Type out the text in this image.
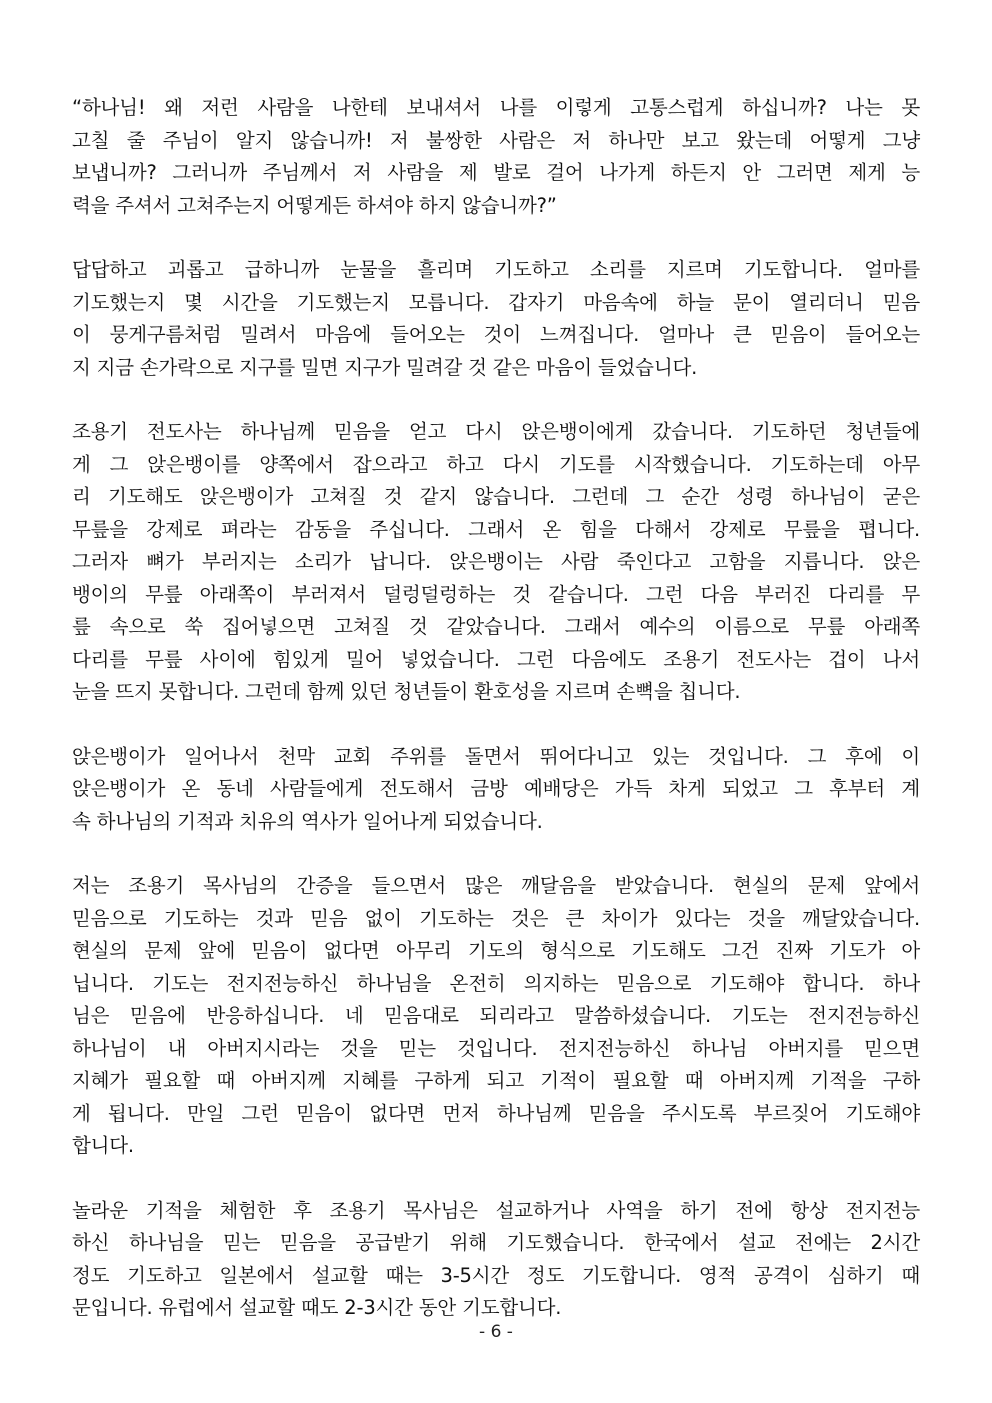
“하나님! 왜 저런 사람을 나한테 보내셔서 나를 이렇게 고통스럽게 하십니까? 나는 못
고칠 줄 주님이 알지 않습니까! 저 불쌍한 사람은 저 하나만 보고 왔는데 어떻게 그냥
보냅니까? 그러니까 주님께서 저 사람을 제 발로 걸어 나가게 하든지 안 그러면 제게 능
력을 주셔서 고쳐주는지 어떻게든 하셔야 하지 않습니까?”
답답하고 괴롭고 급하니까 눈물을 흘리며 기도하고 소리를 지르며 기도합니다. 얼마를
기도했는지 몇 시간을 기도했는지 모릅니다. 갑자기 마음속에 하늘 문이 열리더니 믿음
이 뭉게구름처럼 밀려서 마음에 들어오는 것이 느껴집니다. 얼마나 큰 믿음이 들어오는
지 지금 손가락으로 지구를 밀면 지구가 밀려갈 것 같은 마음이 들었습니다.
조용기 전도사는 하나님께 믿음을 얻고 다시 앉은뱅이에게 갔습니다. 기도하던 청년들에
게 그 앉은뱅이를 양쪽에서 잡으라고 하고 다시 기도를 시작했습니다. 기도하는데 아무
리 기도해도 앉은뱅이가 고쳐질 것 같지 않습니다. 그런데 그 순간 성령 하나님이 굳은
무릎을 강제로 펴라는 감동을 주십니다. 그래서 온 힘을 다해서 강제로 무릎을 폅니다.
그러자 뼈가 부러지는 소리가 납니다. 앉은뱅이는 사람 죽인다고 고함을 지릅니다. 앉은
뱅이의 무릎 아래쪽이 부러져서 덜렁덜렁하는 것 같습니다. 그런 다음 부러진 다리를 무
릎 속으로 쑥 집어넣으면 고쳐질 것 같았습니다. 그래서 예수의 이름으로 무릎 아래쪽
다리를 무릎 사이에 힘있게 밀어 넣었습니다. 그런 다음에도 조용기 전도사는 겁이 나서
눈을 뜨지 못합니다. 그런데 함께 있던 청년들이 환호성을 지르며 손뼉을 칩니다.
앉은뱅이가 일어나서 천막 교회 주위를 돌면서 뛰어다니고 있는 것입니다. 그 후에 이
앉은뱅이가 온 동네 사람들에게 전도해서 금방 예배당은 가득 차게 되었고 그 후부터 계
속 하나님의 기적과 치유의 역사가 일어나게 되었습니다.
저는 조용기 목사님의 간증을 들으면서 많은 깨달음을 받았습니다. 현실의 문제 앞에서
믿음으로 기도하는 것과 믿음 없이 기도하는 것은 큰 차이가 있다는 것을 깨달았습니다.
현실의 문제 앞에 믿음이 없다면 아무리 기도의 형식으로 기도해도 그건 진짜 기도가 아
닙니다. 기도는 전지전능하신 하나님을 온전히 의지하는 믿음으로 기도해야 합니다. 하나
님은 믿음에 반응하십니다. 네 믿음대로 되리라고 말씀하셨습니다. 기도는 전지전능하신
하나님이 내 아버지시라는 것을 믿는 것입니다. 전지전능하신 하나님 아버지를 믿으면
지혜가 필요할 때 아버지께 지혜를 구하게 되고 기적이 필요할 때 아버지께 기적을 구하
게 됩니다. 만일 그런 믿음이 없다면 먼저 하나님께 믿음을 주시도록 부르짖어 기도해야
합니다.
놀라운 기적을 체험한 후 조용기 목사님은 설교하거나 사역을 하기 전에 항상 전지전능
하신 하나님을 믿는 믿음을 공급받기 위해 기도했습니다. 한국에서 설교 전에는 2시간
정도 기도하고 일본에서 설교할 때는 3-5시간 정도 기도합니다. 영적 공격이 심하기 때
문입니다. 유럽에서 설교할 때도 2-3시간 동안 기도합니다.
- 6 -
